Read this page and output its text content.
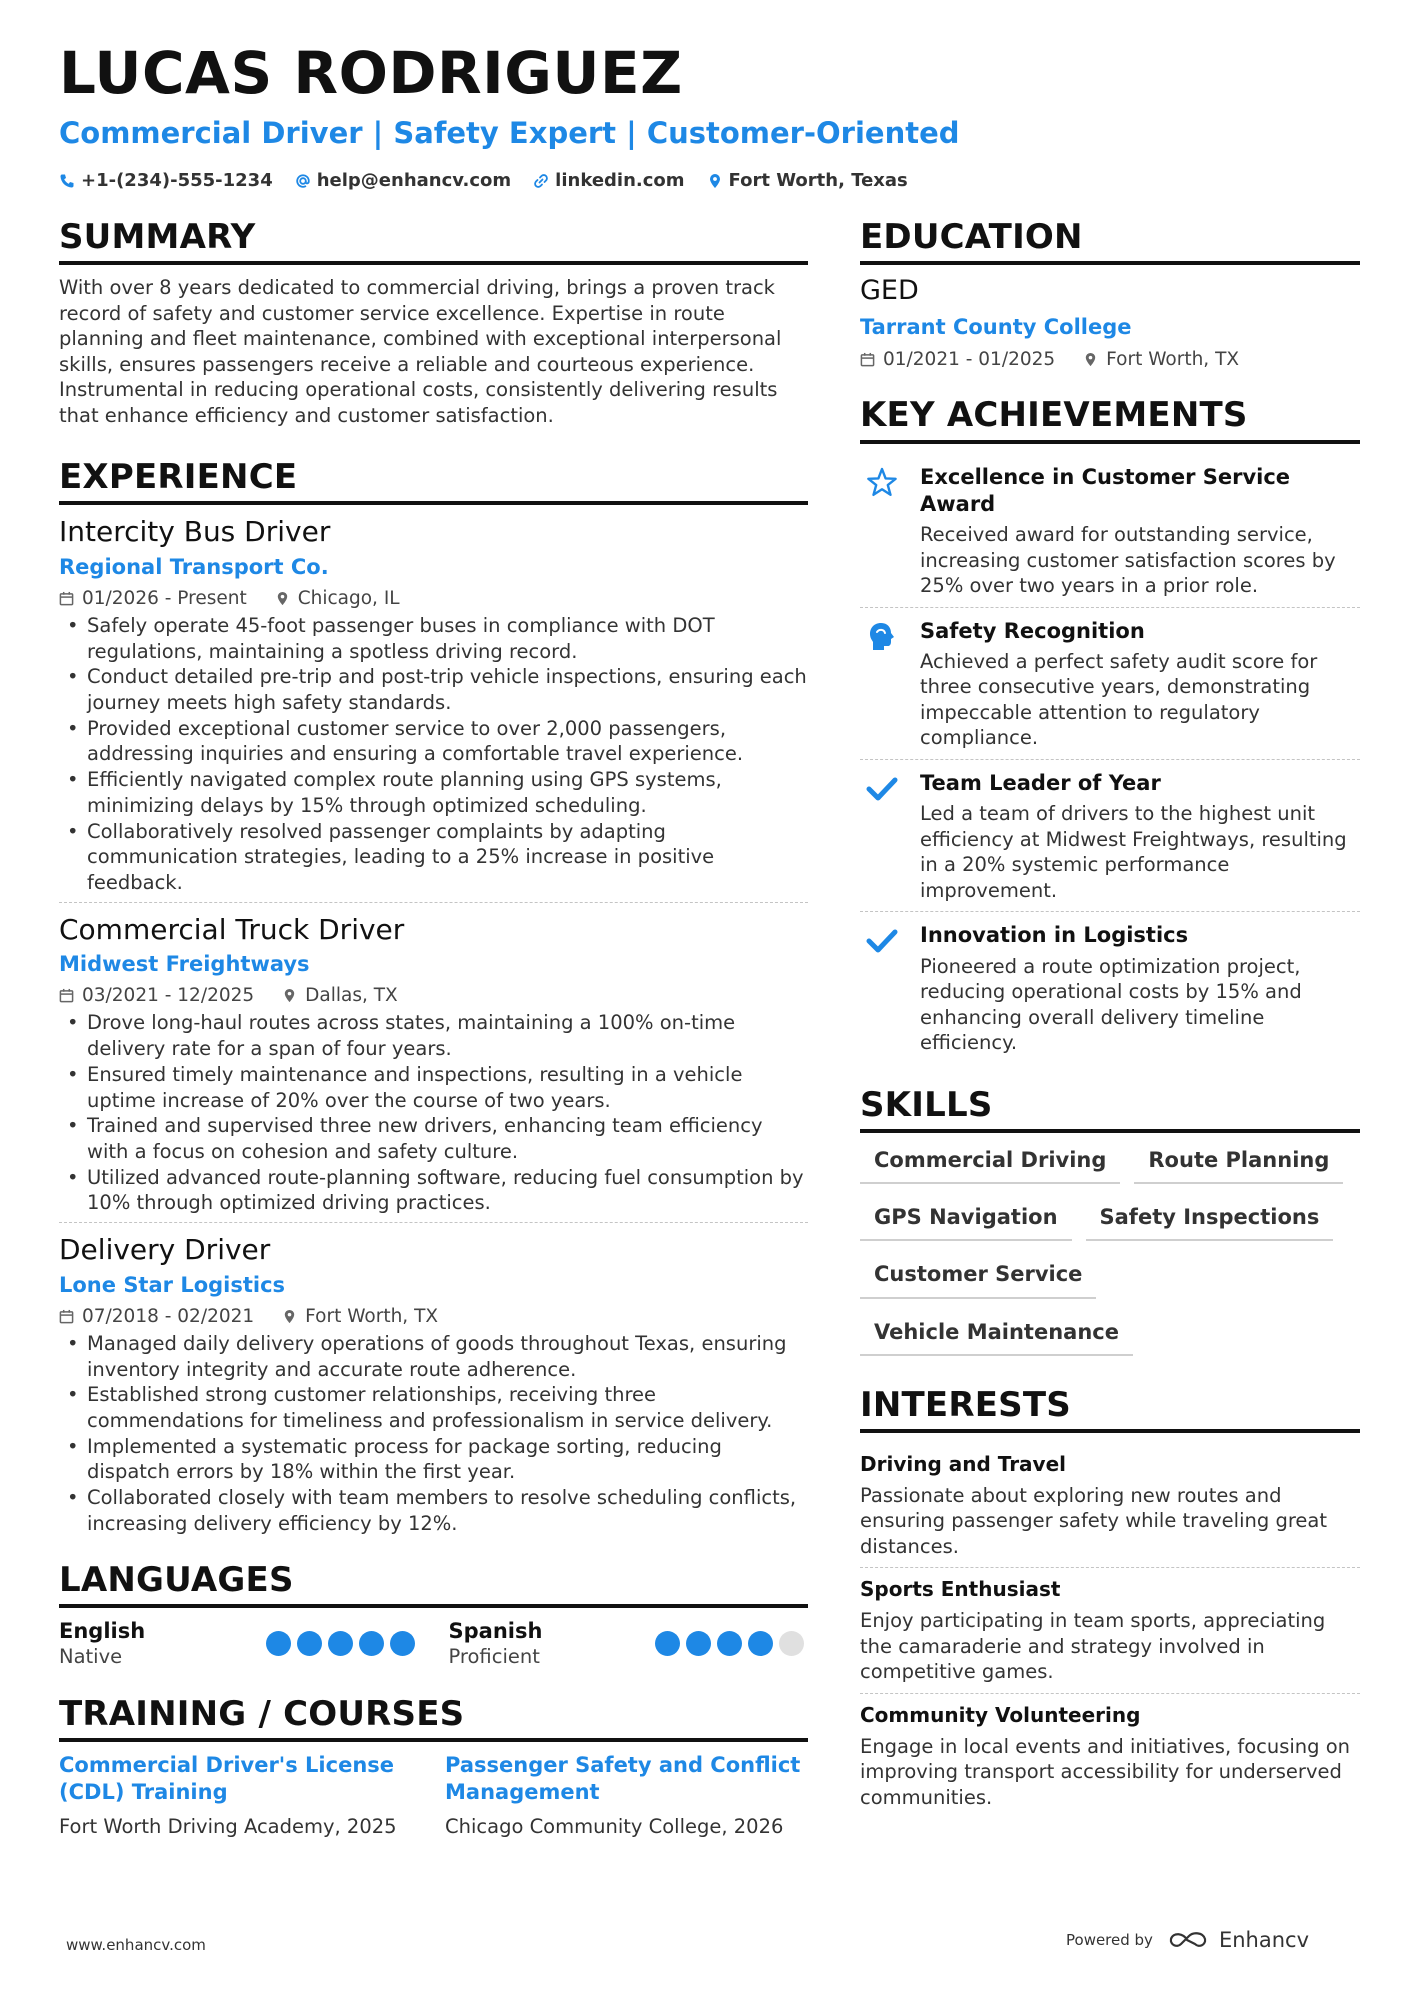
LUCAS RODRIGUEZ
Commercial Driver | Safety Expert | Customer-Oriented
+1-(234)-555-1234 help@enhancv.com linkedin.com Fort Worth, Texas
SUMMARY
With over 8 years dedicated to commercial driving, brings a proven track record of safety and customer service excellence. Expertise in route planning and fleet maintenance, combined with exceptional interpersonal skills, ensures passengers receive a reliable and courteous experience. Instrumental in reducing operational costs, consistently delivering results that enhance efficiency and customer satisfaction.
EXPERIENCE
Intercity Bus Driver
Regional Transport Co.
01/2026 - Present	Chicago, IL
• Safely operate 45-foot passenger buses in compliance with DOT regulations, maintaining a spotless driving record.
• Conduct detailed pre-trip and post-trip vehicle inspections, ensuring each journey meets high safety standards.
• Provided exceptional customer service to over 2,000 passengers, addressing inquiries and ensuring a comfortable travel experience.
• Efficiently navigated complex route planning using GPS systems, minimizing delays by 15% through optimized scheduling.
• Collaboratively resolved passenger complaints by adapting communication strategies, leading to a 25% increase in positive feedback.
Commercial Truck Driver
Midwest Freightways
03/2021 - 12/2025	Dallas, TX
• Drove long-haul routes across states, maintaining a 100% on-time delivery rate for a span of four years.
• Ensured timely maintenance and inspections, resulting in a vehicle uptime increase of 20% over the course of two years.
• Trained and supervised three new drivers, enhancing team efficiency with a focus on cohesion and safety culture.
• Utilized advanced route-planning software, reducing fuel consumption by 10% through optimized driving practices.
Delivery Driver
Lone Star Logistics
07/2018 - 02/2021	Fort Worth, TX
• Managed daily delivery operations of goods throughout Texas, ensuring inventory integrity and accurate route adherence.
• Established strong customer relationships, receiving three commendations for timeliness and professionalism in service delivery.
• Implemented a systematic process for package sorting, reducing dispatch errors by 18% within the first year.
• Collaborated closely with team members to resolve scheduling conflicts, increasing delivery efficiency by 12%.
LANGUAGES
English
Native
Spanish
Proficient
TRAINING / COURSES
Commercial Driver's License (CDL) Training
Fort Worth Driving Academy, 2025
Passenger Safety and Conflict Management
Chicago Community College, 2026
EDUCATION
GED
Tarrant County College
01/2021 - 01/2025	Fort Worth, TX
KEY ACHIEVEMENTS
Excellence in Customer Service Award
Received award for outstanding service, increasing customer satisfaction scores by 25% over two years in a prior role.
Safety Recognition
Achieved a perfect safety audit score for three consecutive years, demonstrating impeccable attention to regulatory compliance.
Team Leader of Year
Led a team of drivers to the highest unit efficiency at Midwest Freightways, resulting in a 20% systemic performance improvement.
Innovation in Logistics
Pioneered a route optimization project, reducing operational costs by 15% and enhancing overall delivery timeline efficiency.
SKILLS
Commercial Driving	Route Planning
GPS Navigation	Safety Inspections
Customer Service
Vehicle Maintenance
INTERESTS
Driving and Travel
Passionate about exploring new routes and ensuring passenger safety while traveling great distances.
Sports Enthusiast
Enjoy participating in team sports, appreciating the camaraderie and strategy involved in competitive games.
Community Volunteering
Engage in local events and initiatives, focusing on improving transport accessibility for underserved communities.
www.enhancv.com	Powered by	Enhancv
